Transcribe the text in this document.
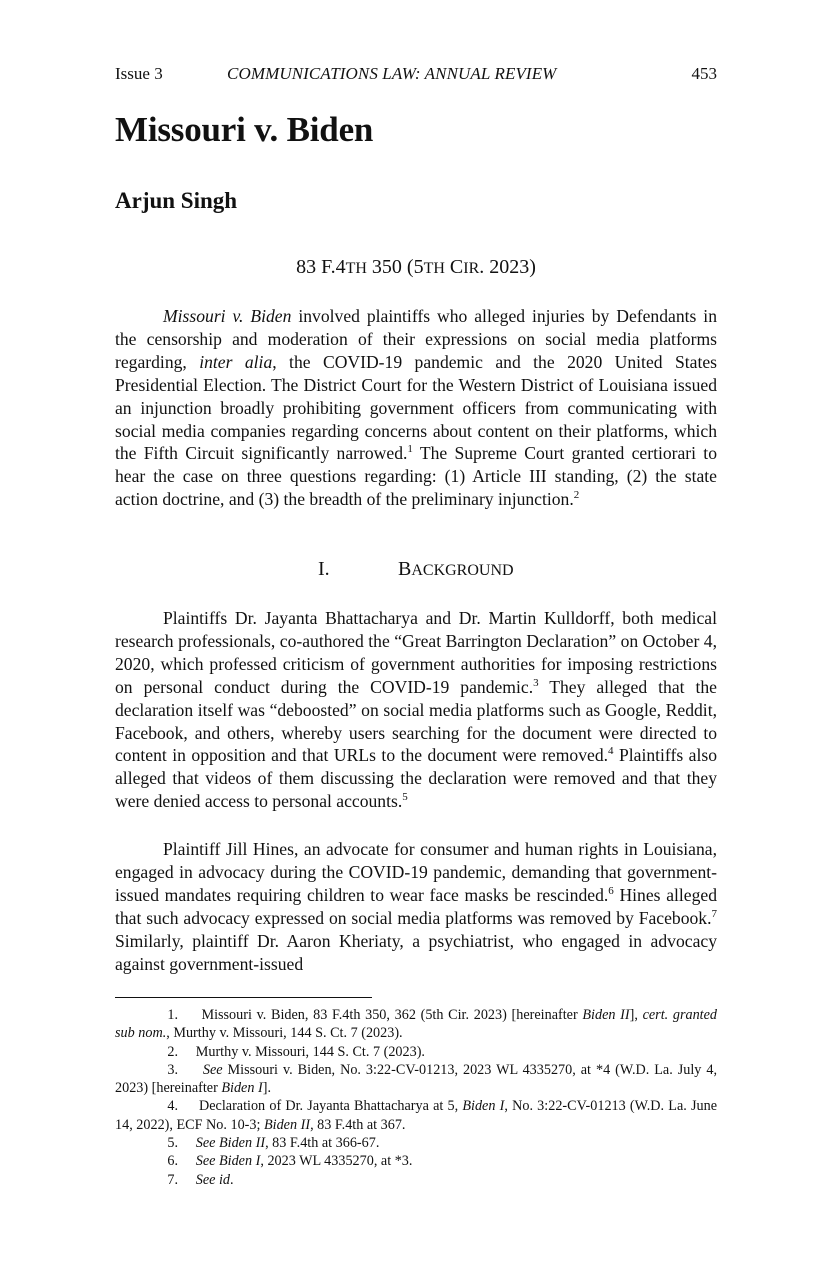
Issue 3	COMMUNICATIONS LAW: ANNUAL REVIEW	453
Missouri v. Biden
Arjun Singh
83 F.4TH 350 (5TH CIR. 2023)

Missouri v. Biden involved plaintiffs who alleged injuries by Defendants in the censorship and moderation of their expressions on social media platforms regarding, inter alia, the COVID-19 pandemic and the 2020 United States Presidential Election. The District Court for the Western District of Louisiana issued an injunction broadly prohibiting government officers from communicating with social media companies regarding concerns about content on their platforms, which the Fifth Circuit significantly narrowed.$^1$ The Supreme Court granted certiorari to hear the case on three questions regarding: (1) Article III standing, (2) the state action doctrine, and (3) the breadth of the preliminary injunction.$^2$

I.	BACKGROUND

Plaintiffs Dr. Jayanta Bhattacharya and Dr. Martin Kulldorff, both medical research professionals, co-authored the “Great Barrington Declaration” on October 4, 2020, which professed criticism of government authorities for imposing restrictions on personal conduct during the COVID-19 pandemic.$^3$ They alleged that the declaration itself was “deboosted” on social media platforms such as Google, Reddit, Facebook, and others, whereby users searching for the document were directed to content in opposition and that URLs to the document were removed.$^4$ Plaintiffs also alleged that videos of them discussing the declaration were removed and that they were denied access to personal accounts.$^5$

Plaintiff Jill Hines, an advocate for consumer and human rights in Louisiana, engaged in advocacy during the COVID-19 pandemic, demanding that government-issued mandates requiring children to wear face masks be rescinded.$^6$ Hines alleged that such advocacy expressed on social media platforms was removed by Facebook.$^7$ Similarly, plaintiff Dr. Aaron Kheriaty, a psychiatrist, who engaged in advocacy against government-issued

1. Missouri v. Biden, 83 F.4th 350, 362 (5th Cir. 2023) [hereinafter Biden II], cert. granted sub nom., Murthy v. Missouri, 144 S. Ct. 7 (2023).

2. Murthy v. Missouri, 144 S. Ct. 7 (2023).

3. See Missouri v. Biden, No. 3:22-CV-01213, 2023 WL 4335270, at *4 (W.D. La. July 4, 2023) [hereinafter Biden I].

4. Declaration of Dr. Jayanta Bhattacharya at 5, Biden I, No. 3:22-CV-01213 (W.D. La. June 14, 2022), ECF No. 10-3; Biden II, 83 F.4th at 367.

5. See Biden II, 83 F.4th at 366-67.

6. See Biden I, 2023 WL 4335270, at *3.

7. See id.
